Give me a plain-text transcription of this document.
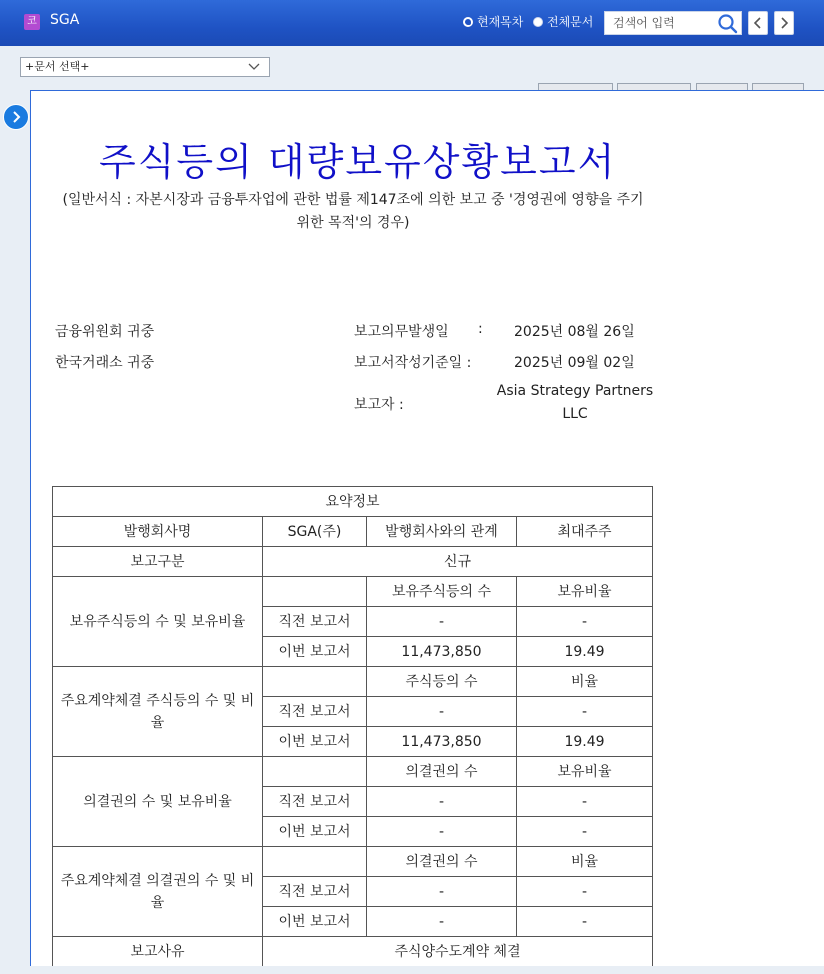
코 SGA	현재목차 전체문서	검색어 입력
+문서 선택+
주식등의 대량보유상황보고서
(일반서식 : 자본시장과 금융투자업에 관한 법률 제147조에 의한 보고 중 '경영권에 영향을 주기 위한 목적'의 경우)
금융위원회 귀중
한국거래소 귀중
보고의무발생일 : 2025년 08월 26일
보고서작성기준일 :	2025년 09월 02일
보고자 :
Asia Strategy Partners LLC
요약정보			
발행회사명	SGA(주)	발행회사와의 관계	최대주주
보고구분	신규		
보유주식등의 수 및 보유비율		보유주식등의 수	보유비율
	직전 보고서	-	-
	이번 보고서	11,473,850	19.49
주요계약체결 주식등의 수 및 비율		주식등의 수	비율
	직전 보고서	-	-
	이번 보고서	11,473,850	19.49
의결권의 수 및 보유비율		의결권의 수	보유비율
	직전 보고서	-	-
	이번 보고서	-	-
주요계약체결 의결권의 수 및 비율		의결권의 수	비율
	직전 보고서	-	-
	이번 보고서	-	-
보고사유	주식양수도계약 체결		
